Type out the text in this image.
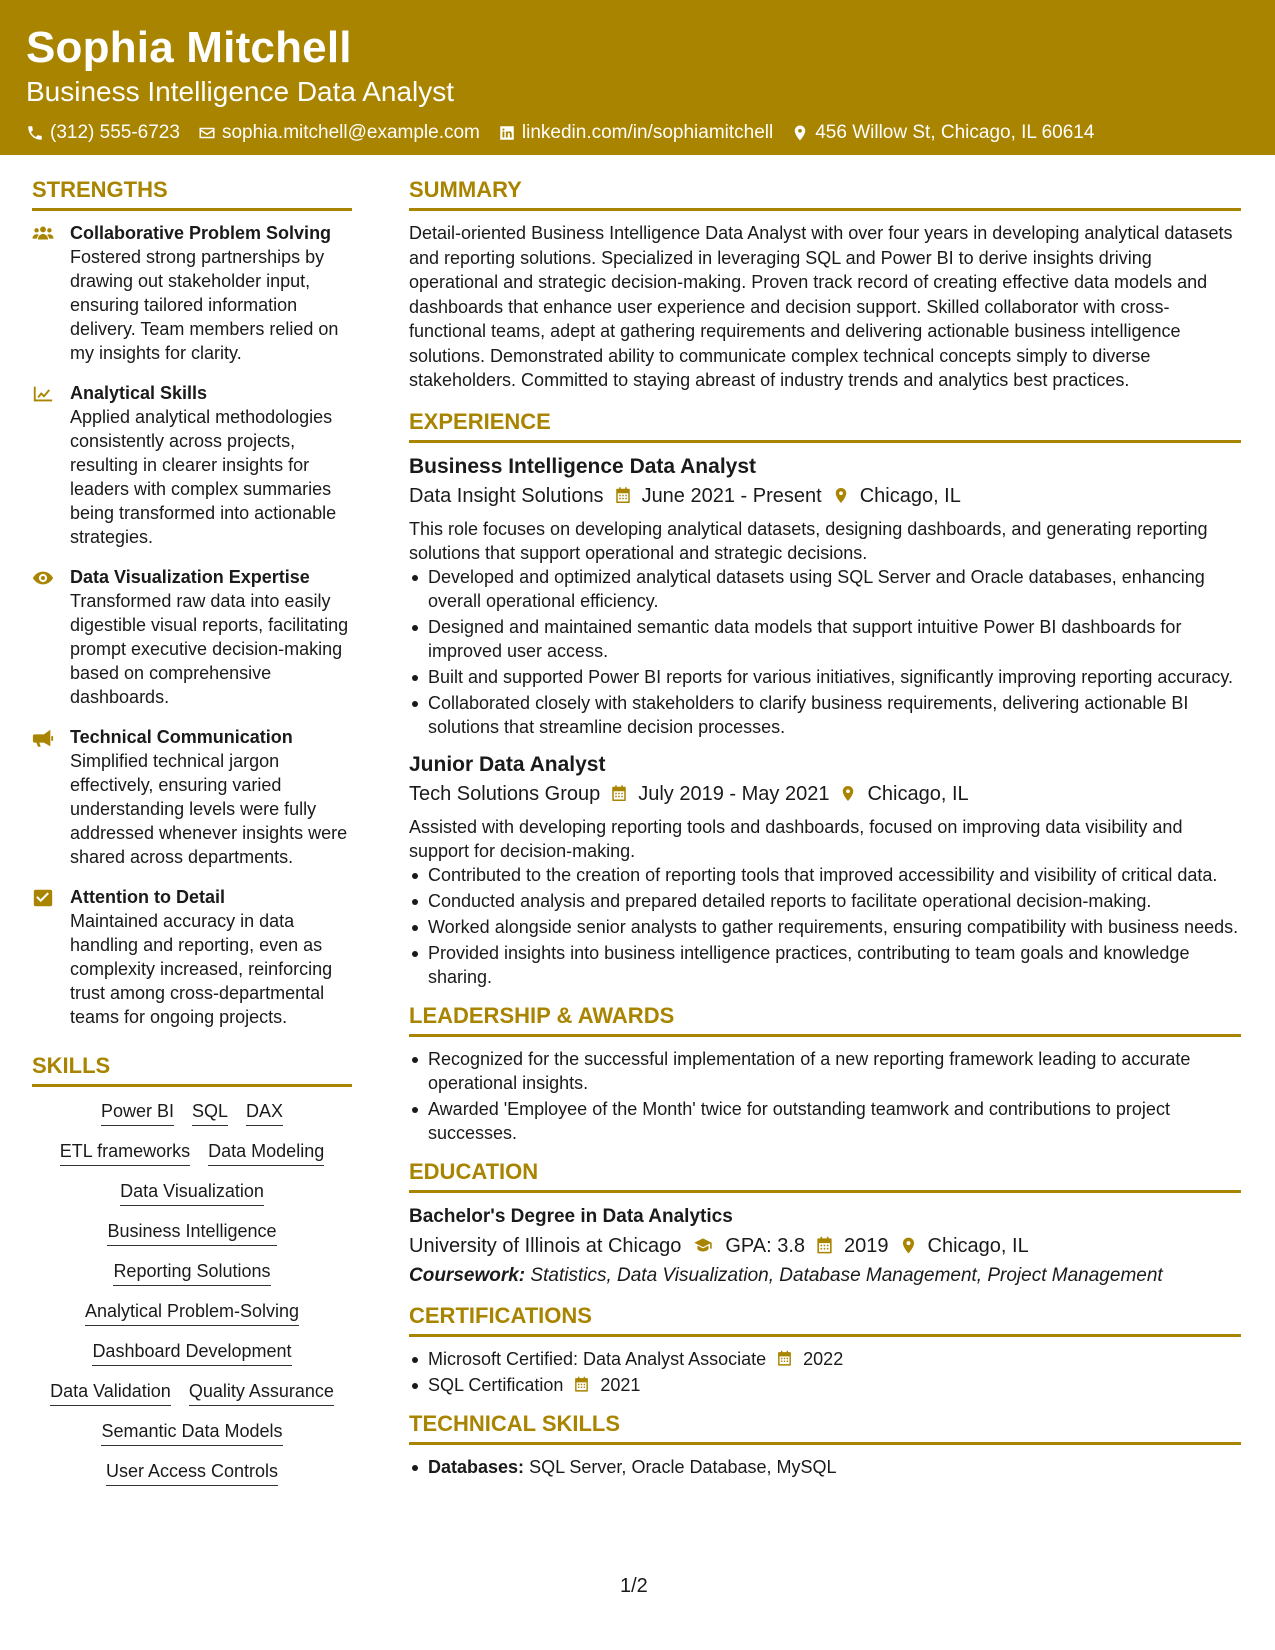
Sophia Mitchell
Business Intelligence Data Analyst
(312) 555-6723 sophia.mitchell@example.com linkedin.com/in/sophiamitchell 456 Willow St, Chicago, IL 60614
STRENGTHS
Collaborative Problem Solving
Fostered strong partnerships by drawing out stakeholder input, ensuring tailored information delivery. Team members relied on my insights for clarity.
Analytical Skills
Applied analytical methodologies consistently across projects, resulting in clearer insights for leaders with complex summaries being transformed into actionable strategies.
Data Visualization Expertise
Transformed raw data into easily digestible visual reports, facilitating prompt executive decision-making based on comprehensive dashboards.
Technical Communication
Simplified technical jargon effectively, ensuring varied understanding levels were fully addressed whenever insights were shared across departments.
Attention to Detail
Maintained accuracy in data handling and reporting, even as complexity increased, reinforcing trust among cross-departmental teams for ongoing projects.
SKILLS
Power BI SQL DAX
ETL frameworks Data Modeling
Data Visualization
Business Intelligence
Reporting Solutions
Analytical Problem-Solving
Dashboard Development
Data Validation Quality Assurance
Semantic Data Models
User Access Controls
SUMMARY
Detail-oriented Business Intelligence Data Analyst with over four years in developing analytical datasets and reporting solutions. Specialized in leveraging SQL and Power BI to derive insights driving operational and strategic decision-making. Proven track record of creating effective data models and dashboards that enhance user experience and decision support. Skilled collaborator with cross-functional teams, adept at gathering requirements and delivering actionable business intelligence solutions. Demonstrated ability to communicate complex technical concepts simply to diverse stakeholders. Committed to staying abreast of industry trends and analytics best practices.
EXPERIENCE
Business Intelligence Data Analyst
Data Insight Solutions June 2021 - Present Chicago, IL
This role focuses on developing analytical datasets, designing dashboards, and generating reporting solutions that support operational and strategic decisions.
Developed and optimized analytical datasets using SQL Server and Oracle databases, enhancing overall operational efficiency.
Designed and maintained semantic data models that support intuitive Power BI dashboards for improved user access.
Built and supported Power BI reports for various initiatives, significantly improving reporting accuracy.
Collaborated closely with stakeholders to clarify business requirements, delivering actionable BI solutions that streamline decision processes.
Junior Data Analyst
Tech Solutions Group July 2019 - May 2021 Chicago, IL
Assisted with developing reporting tools and dashboards, focused on improving data visibility and support for decision-making.
Contributed to the creation of reporting tools that improved accessibility and visibility of critical data.
Conducted analysis and prepared detailed reports to facilitate operational decision-making.
Worked alongside senior analysts to gather requirements, ensuring compatibility with business needs.
Provided insights into business intelligence practices, contributing to team goals and knowledge sharing.
LEADERSHIP & AWARDS
Recognized for the successful implementation of a new reporting framework leading to accurate operational insights.
Awarded 'Employee of the Month' twice for outstanding teamwork and contributions to project successes.
EDUCATION
Bachelor's Degree in Data Analytics
University of Illinois at Chicago GPA: 3.8 2019 Chicago, IL
Coursework: Statistics, Data Visualization, Database Management, Project Management
CERTIFICATIONS
Microsoft Certified: Data Analyst Associate 2022
SQL Certification 2021
TECHNICAL SKILLS
Databases: SQL Server, Oracle Database, MySQL
1/2
